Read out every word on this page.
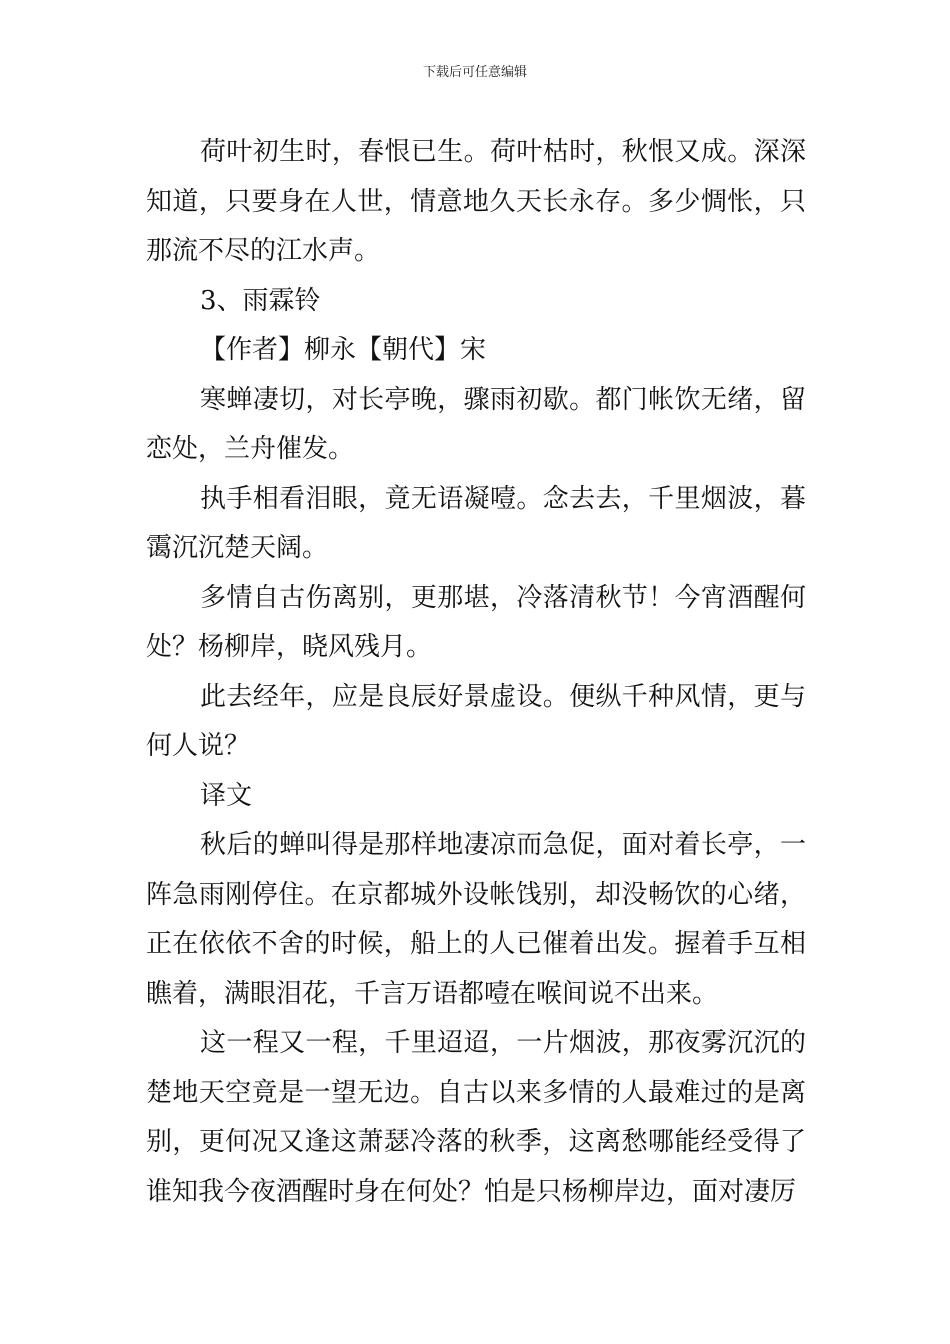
下载后可任意编辑

荷叶初生时，春恨已生。荷叶枯时，秋恨又成。深深知道，只要身在人世，情意地久天长永存。多少惆怅，只那流不尽的江水声。

3、雨霖铃

【作者】柳永【朝代】宋

寒蝉凄切，对长亭晚，骤雨初歇。都门帐饮无绪，留恋处，兰舟催发。

执手相看泪眼，竟无语凝噎。念去去，千里烟波，暮霭沉沉楚天阔。

多情自古伤离别，更那堪，冷落清秋节！今宵酒醒何处？杨柳岸，晓风残月。

此去经年，应是良辰好景虚设。便纵千种风情，更与何人说？

译文

秋后的蝉叫得是那样地凄凉而急促，面对着长亭，一阵急雨刚停住。在京都城外设帐饯别，却没畅饮的心绪，正在依依不舍的时候，船上的人已催着出发。握着手互相瞧着，满眼泪花，千言万语都噎在喉间说不出来。

这一程又一程，千里迢迢，一片烟波，那夜雾沉沉的楚地天空竟是一望无边。自古以来多情的人最难过的是离别，更何况又逢这萧瑟冷落的秋季，这离愁哪能经受得了谁知我今夜酒醒时身在何处？怕是只杨柳岸边，面对凄厉
